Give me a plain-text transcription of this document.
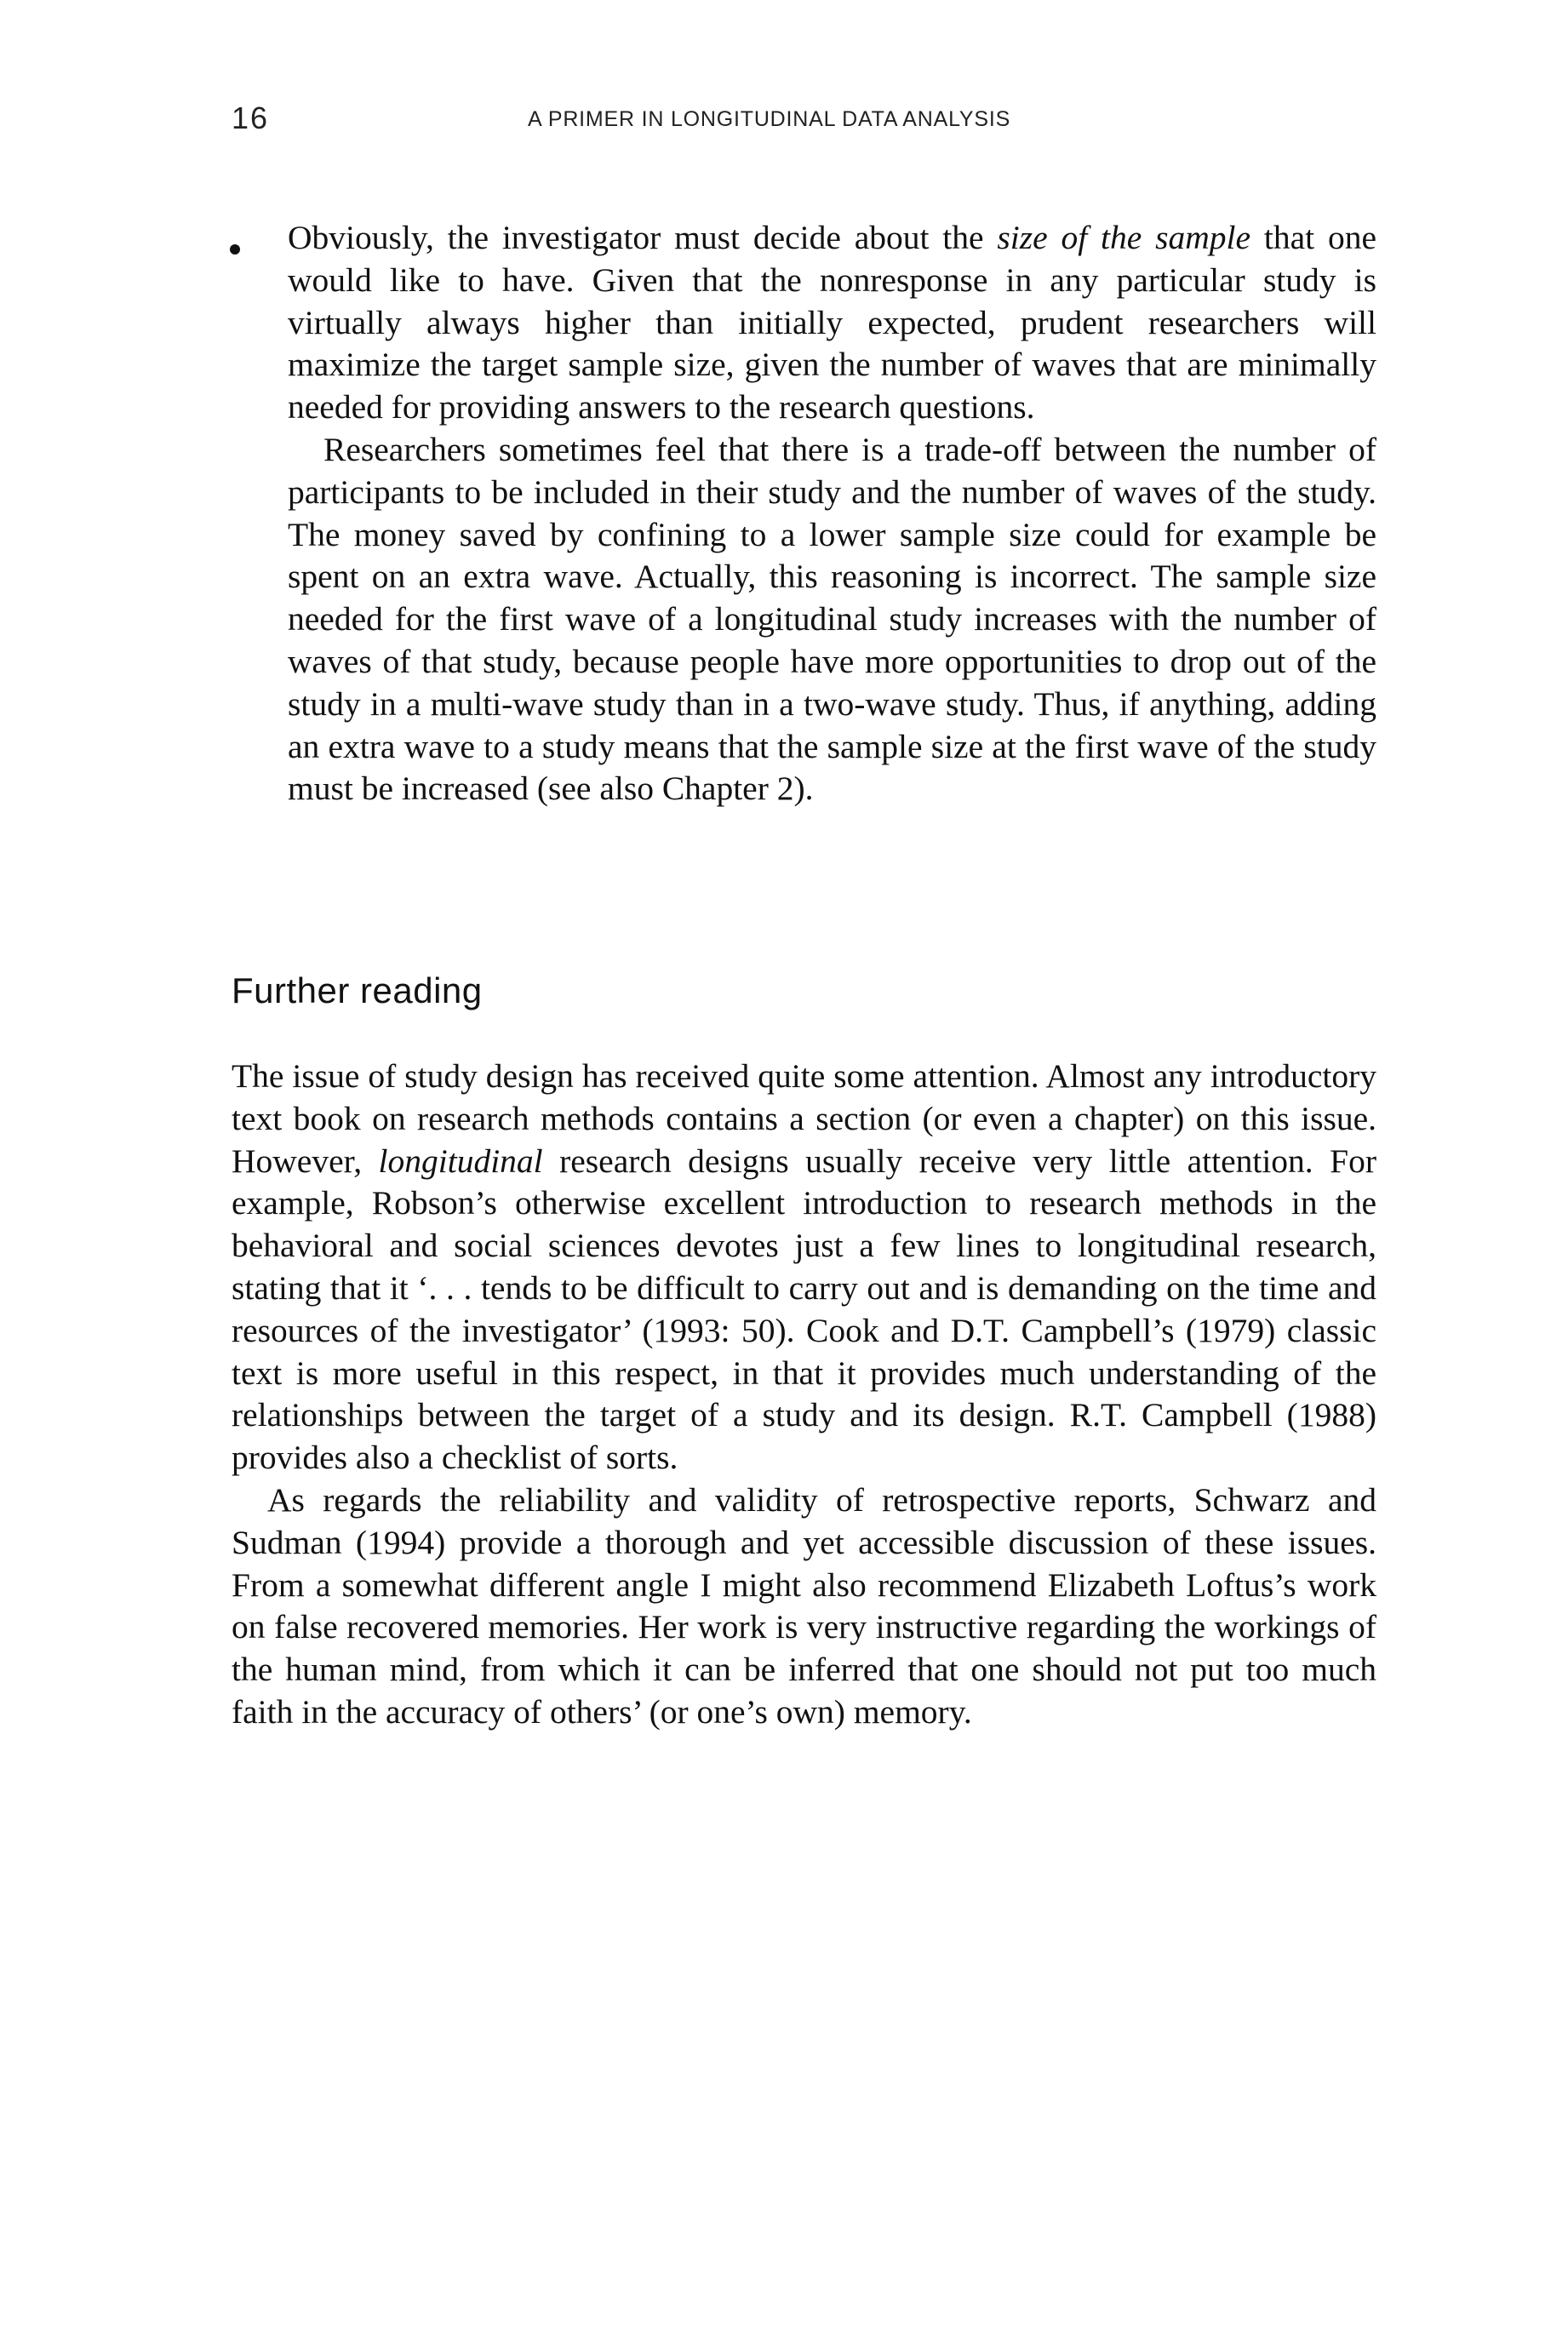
16	A PRIMER IN LONGITUDINAL DATA ANALYSIS

Obviously, the investigator must decide about the size of the sample that one would like to have. Given that the nonresponse in any particular study is virtually always higher than initially expected, prudent researchers will maximize the target sample size, given the number of waves that are minimally needed for providing answers to the research questions.

Researchers sometimes feel that there is a trade-off between the number of participants to be included in their study and the number of waves of the study. The money saved by confining to a lower sample size could for example be spent on an extra wave. Actually, this reasoning is incorrect. The sample size needed for the first wave of a longitudinal study increases with the number of waves of that study, because people have more opportunities to drop out of the study in a multi-wave study than in a two-wave study. Thus, if anything, adding an extra wave to a study means that the sample size at the first wave of the study must be increased (see also Chapter 2).

Further reading

The issue of study design has received quite some attention. Almost any introductory text book on research methods contains a section (or even a chapter) on this issue. However, longitudinal research designs usually receive very little attention. For example, Robson’s otherwise excellent introduction to research methods in the behavioral and social sciences devotes just a few lines to longitudinal research, stating that it ‘. . . tends to be difficult to carry out and is demanding on the time and resources of the investigator’ (1993: 50). Cook and D.T. Campbell’s (1979) classic text is more useful in this respect, in that it provides much understanding of the relationships between the target of a study and its design. R.T. Campbell (1988) provides also a checklist of sorts.

As regards the reliability and validity of retrospective reports, Schwarz and Sudman (1994) provide a thorough and yet accessible discussion of these issues. From a somewhat different angle I might also recommend Elizabeth Loftus’s work on false recovered memories. Her work is very instructive regarding the workings of the human mind, from which it can be inferred that one should not put too much faith in the accuracy of others’ (or one’s own) memory.
